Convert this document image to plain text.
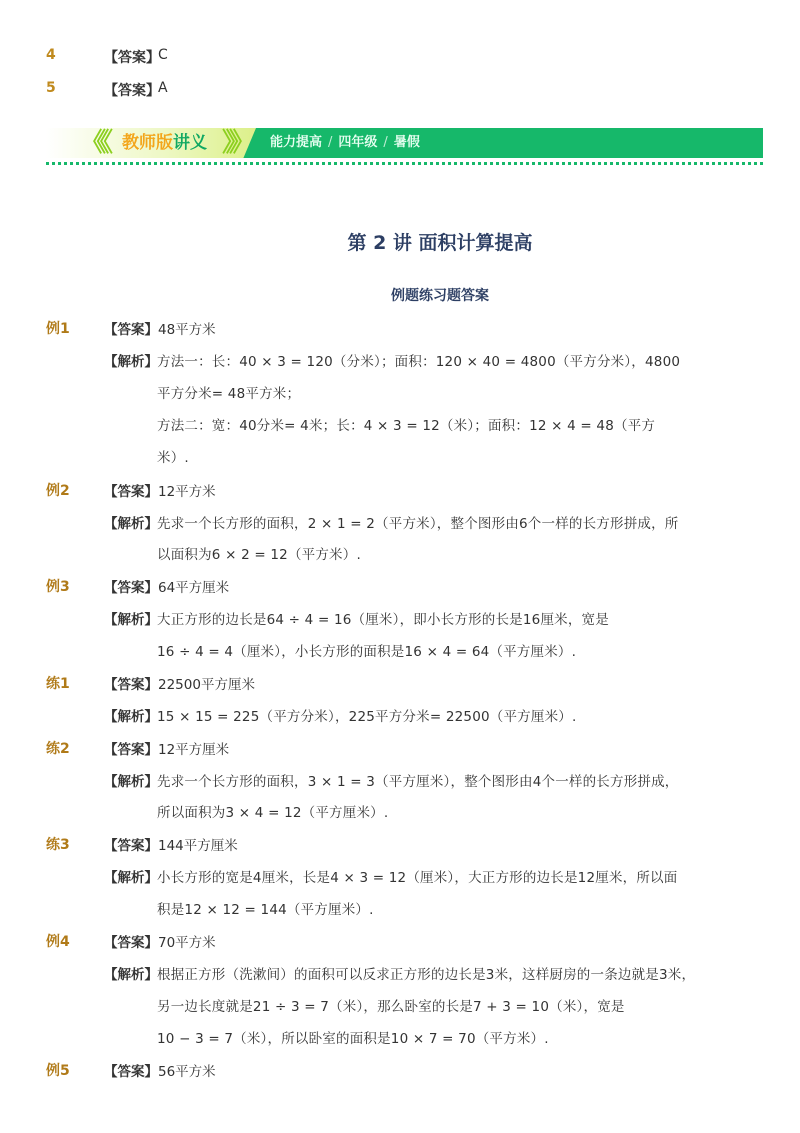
4	【答案】
C
5	【答案】
A
《《 教师版讲义 》》 能力提高 / 四年级 / 暑假
第 2 讲 面积计算提高
例题练习题答案
例1	【答案】48平方米
【解析】 方法一：长：40 × 3 = 120（分米）；面积：120 × 40 = 4800（平方分米），4800
平方分米= 48平方米；
方法二：宽：40分米= 4米；长：4 × 3 = 12（米）；面积：12 × 4 = 48（平方
米）.
例2	【答案】12平方米
【解析】 先求一个长方形的面积，2 × 1 = 2（平方米），整个图形由6个一样的长方形拼成，所
以面积为6 × 2 = 12（平方米）.
例3	【答案】64平方厘米
【解析】 大正方形的边长是64 ÷ 4 = 16（厘米），即小长方形的长是16厘米，宽是
16 ÷ 4 = 4（厘米），小长方形的面积是16 × 4 = 64（平方厘米）.
练1	【答案】22500平方厘米
【解析】 15 × 15 = 225（平方分米），225平方分米= 22500（平方厘米）.
练2	【答案】12平方厘米
【解析】 先求一个长方形的面积，3 × 1 = 3（平方厘米），整个图形由4个一样的长方形拼成，
所以面积为3 × 4 = 12（平方厘米）.
练3	【答案】144平方厘米
【解析】 小长方形的宽是4厘米，长是4 × 3 = 12（厘米），大正方形的边长是12厘米，所以面
积是12 × 12 = 144（平方厘米）.
例4	【答案】70平方米
【解析】 根据正方形（洗漱间）的面积可以反求正方形的边长是3米，这样厨房的一条边就是3米，
另一边长度就是21 ÷ 3 = 7（米），那么卧室的长是7 + 3 = 10（米），宽是
10 − 3 = 7（米），所以卧室的面积是10 × 7 = 70（平方米）.
例5	【答案】56平方米
